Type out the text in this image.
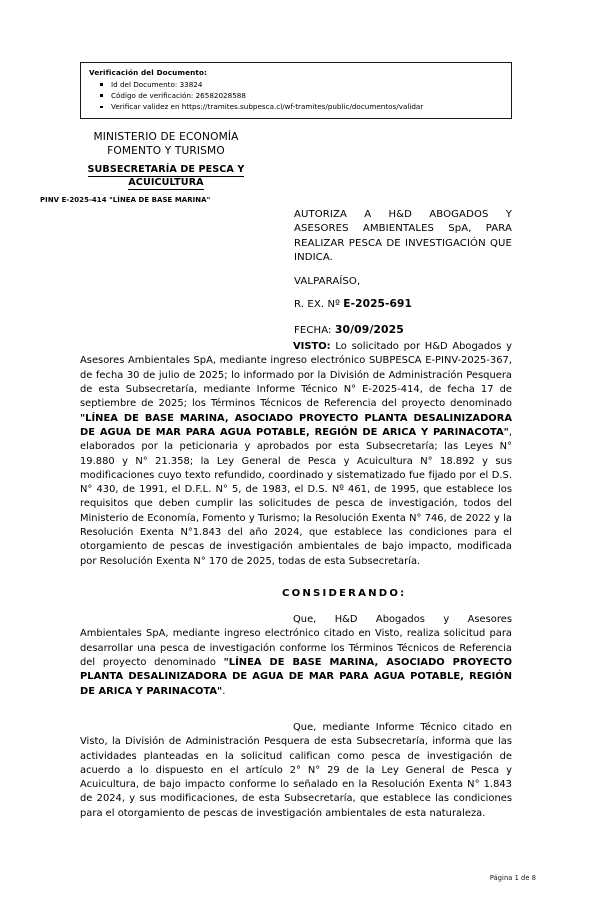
Verificación del Documento:
Id del Documento: 33824
Código de verificación: 26582028588
Verificar validez en https://tramites.subpesca.cl/wf-tramites/public/documentos/validar
MINISTERIO DE ECONOMÍA
FOMENTO Y TURISMO
SUBSECRETARÍA DE PESCA Y
ACUICULTURA
PINV E-2025-414 "LÍNEA DE BASE MARINA"
AUTORIZA A H&D ABOGADOS Y ASESORES AMBIENTALES SpA, PARA REALIZAR PESCA DE INVESTIGACIÓN QUE INDICA.
VALPARAÍSO,
R. EX. Nº E-2025-691
FECHA: 30/09/2025

VISTO: Lo solicitado por H&D Abogados y Asesores Ambientales SpA, mediante ingreso electrónico SUBPESCA E-PINV-2025-367, de fecha 30 de julio de 2025; lo informado por la División de Administración Pesquera de esta Subsecretaría, mediante Informe Técnico N° E-2025-414, de fecha 17 de septiembre de 2025; los Términos Técnicos de Referencia del proyecto denominado "LÍNEA DE BASE MARINA, ASOCIADO PROYECTO PLANTA DESALINIZADORA DE AGUA DE MAR PARA AGUA POTABLE, REGIÓN DE ARICA Y PARINACOTA", elaborados por la peticionaria y aprobados por esta Subsecretaría; las Leyes N° 19.880 y N° 21.358; la Ley General de Pesca y Acuicultura N° 18.892 y sus modificaciones cuyo texto refundido, coordinado y sistematizado fue fijado por el D.S. N° 430, de 1991, el D.F.L. N° 5, de 1983, el D.S. Nº 461, de 1995, que establece los requisitos que deben cumplir las solicitudes de pesca de investigación, todos del Ministerio de Economía, Fomento y Turismo; la Resolución Exenta N° 746, de 2022 y la Resolución Exenta N°1.843 del año 2024, que establece las condiciones para el otorgamiento de pescas de investigación ambientales de bajo impacto, modificada por Resolución Exenta N° 170 de 2025, todas de esta Subsecretaría.

CONSIDERANDO:

Que, H&D Abogados y Asesores Ambientales SpA, mediante ingreso electrónico citado en Visto, realiza solicitud para desarrollar una pesca de investigación conforme los Términos Técnicos de Referencia del proyecto denominado "LÍNEA DE BASE MARINA, ASOCIADO PROYECTO PLANTA DESALINIZADORA DE AGUA DE MAR PARA AGUA POTABLE, REGIÓN DE ARICA Y PARINACOTA".

Que, mediante Informe Técnico citado en Visto, la División de Administración Pesquera de esta Subsecretaría, informa que las actividades planteadas en la solicitud califican como pesca de investigación de acuerdo a lo dispuesto en el artículo 2° N° 29 de la Ley General de Pesca y Acuicultura, de bajo impacto conforme lo señalado en la Resolución Exenta N° 1.843 de 2024, y sus modificaciones, de esta Subsecretaría, que establece las condiciones para el otorgamiento de pescas de investigación ambientales de esta naturaleza.

Página 1 de 8
